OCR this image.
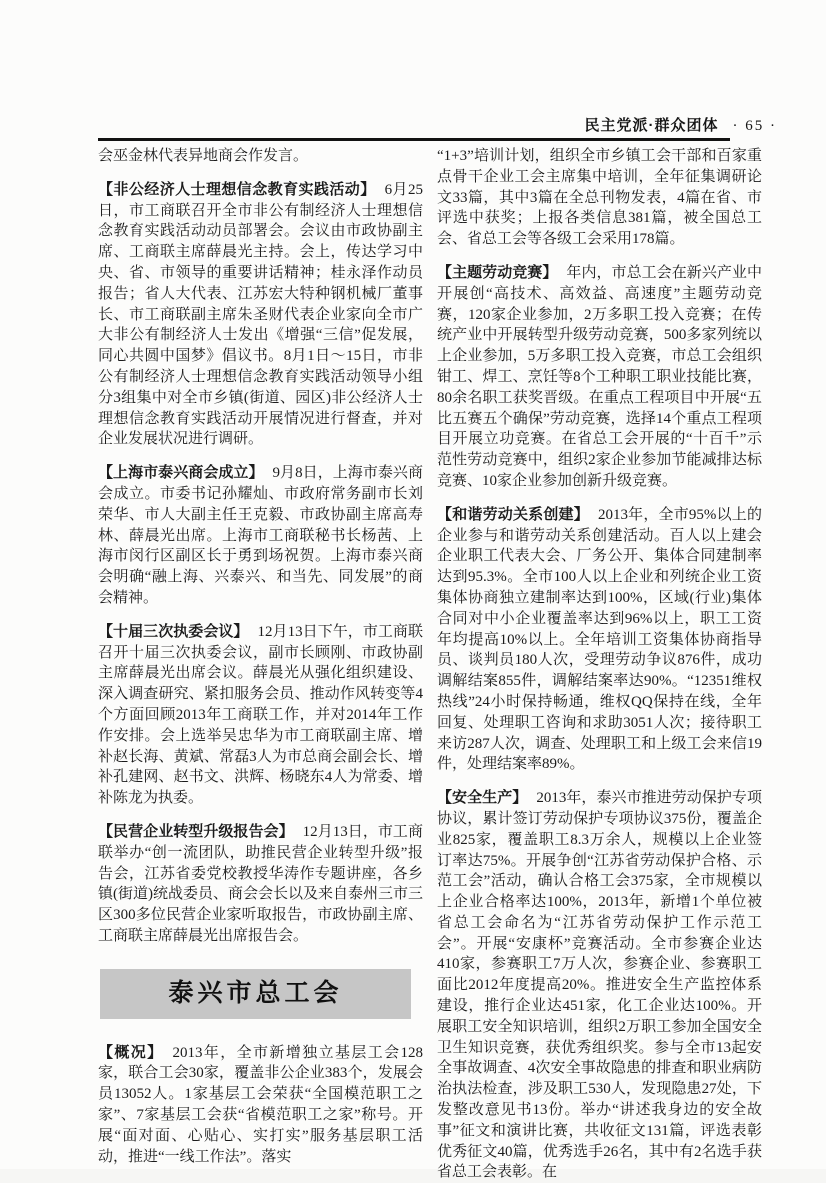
民主党派·群众团体 · 65 ·

会巫金林代表异地商会作发言。

【非公经济人士理想信念教育实践活动】 6月25日，市工商联召开全市非公有制经济人士理想信念教育实践活动动员部署会。会议由市政协副主席、工商联主席薛晨光主持。会上，传达学习中央、省、市领导的重要讲话精神；桂永泽作动员报告；省人大代表、江苏宏大特种钢机械厂董事长、市工商联副主席朱圣财代表企业家向全市广大非公有制经济人士发出《增强“三信”促发展，同心共圆中国梦》倡议书。8月1日～15日，市非公有制经济人士理想信念教育实践活动领导小组分3组集中对全市乡镇(街道、园区)非公经济人士理想信念教育实践活动开展情况进行督查，并对企业发展状况进行调研。

【上海市泰兴商会成立】 9月8日，上海市泰兴商会成立。市委书记孙耀灿、市政府常务副市长刘荣华、市人大副主任王克毅、市政协副主席高寿林、薛晨光出席。上海市工商联秘书长杨茜、上海市闵行区副区长于勇到场祝贺。上海市泰兴商会明确“融上海、兴泰兴、和当先、同发展”的商会精神。

【十届三次执委会议】 12月13日下午，市工商联召开十届三次执委会议，副市长顾刚、市政协副主席薛晨光出席会议。薛晨光从强化组织建设、深入调查研究、紧扣服务会员、推动作风转变等4个方面回顾2013年工商联工作，并对2014年工作作安排。会上选举吴忠华为市工商联副主席、增补赵长海、黄斌、常磊3人为市总商会副会长、增补孔建网、赵书文、洪辉、杨晓东4人为常委、增补陈龙为执委。

【民营企业转型升级报告会】 12月13日，市工商联举办“创一流团队，助推民营企业转型升级”报告会，江苏省委党校教授华涛作专题讲座，各乡镇(街道)统战委员、商会会长以及来自泰州三市三区300多位民营企业家听取报告，市政协副主席、工商联主席薛晨光出席报告会。

泰兴市总工会

【概况】 2013年，全市新增独立基层工会128家，联合工会30家，覆盖非公企业383个，发展会员13052人。1家基层工会荣获“全国模范职工之家”、7家基层工会获“省模范职工之家”称号。开展“面对面、心贴心、实打实”服务基层职工活动，推进“一线工作法”。落实

“1+3”培训计划，组织全市乡镇工会干部和百家重点骨干企业工会主席集中培训，全年征集调研论文33篇，其中3篇在全总刊物发表，4篇在省、市评选中获奖；上报各类信息381篇，被全国总工会、省总工会等各级工会采用178篇。

【主题劳动竞赛】 年内，市总工会在新兴产业中开展创“高技术、高效益、高速度”主题劳动竞赛，120家企业参加，2万多职工投入竞赛；在传统产业中开展转型升级劳动竞赛，500多家列统以上企业参加，5万多职工投入竞赛，市总工会组织钳工、焊工、烹饪等8个工种职工职业技能比赛，80余名职工获奖晋级。在重点工程项目中开展“五比五赛五个确保”劳动竞赛，选择14个重点工程项目开展立功竞赛。在省总工会开展的“十百千”示范性劳动竞赛中，组织2家企业参加节能减排达标竞赛、10家企业参加创新升级竞赛。

【和谐劳动关系创建】 2013年，全市95%以上的企业参与和谐劳动关系创建活动。百人以上建会企业职工代表大会、厂务公开、集体合同建制率达到95.3%。全市100人以上企业和列统企业工资集体协商独立建制率达到100%，区域(行业)集体合同对中小企业覆盖率达到96%以上，职工工资年均提高10%以上。全年培训工资集体协商指导员、谈判员180人次，受理劳动争议876件，成功调解结案855件，调解结案率达90%。“12351维权热线”24小时保持畅通，维权QQ保持在线，全年回复、处理职工咨询和求助3051人次；接待职工来访287人次，调查、处理职工和上级工会来信19件，处理结案率89%。

【安全生产】 2013年，泰兴市推进劳动保护专项协议，累计签订劳动保护专项协议375份，覆盖企业825家，覆盖职工8.3万余人，规模以上企业签订率达75%。开展争创“江苏省劳动保护合格、示范工会”活动，确认合格工会375家，全市规模以上企业合格率达100%，2013年，新增1个单位被省总工会命名为“江苏省劳动保护工作示范工会”。开展“安康杯”竞赛活动。全市参赛企业达410家，参赛职工7万人次，参赛企业、参赛职工面比2012年度提高20%。推进安全生产监控体系建设，推行企业达451家，化工企业达100%。开展职工安全知识培训，组织2万职工参加全国安全卫生知识竞赛，获优秀组织奖。参与全市13起安全事故调查、4次安全事故隐患的排查和职业病防治执法检查，涉及职工530人，发现隐患27处，下发整改意见书13份。举办“讲述我身边的安全故事”征文和演讲比赛，共收征文131篇，评选表彰优秀征文40篇，优秀选手26名，其中有2名选手获省总工会表彰。在
